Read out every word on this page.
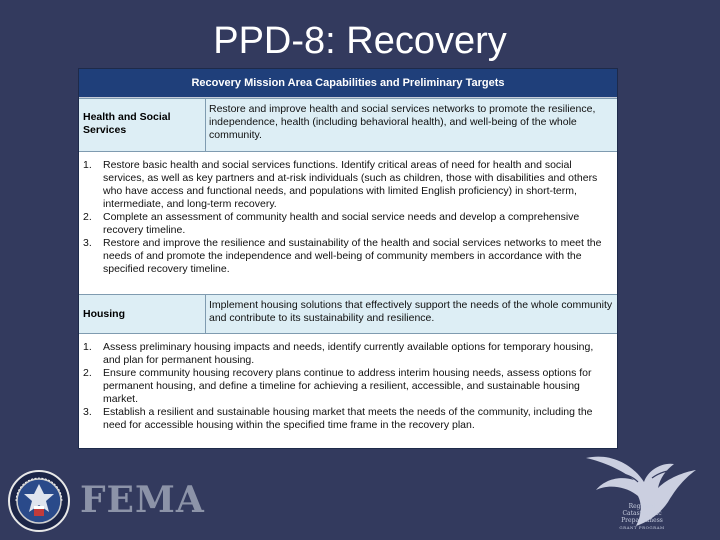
PPD-8: Recovery
Recovery Mission Area Capabilities and Preliminary Targets
Health and Social Services
Restore and improve health and social services networks to promote the resilience, independence, health (including behavioral health), and well-being of the whole community.
1. Restore basic health and social services functions. Identify critical areas of need for health and social services, as well as key partners and at-risk individuals (such as children, those with disabilities and others who have access and functional needs, and populations with limited English proficiency) in short-term, intermediate, and long-term recovery.
2. Complete an assessment of community health and social service needs and develop a comprehensive recovery timeline.
3. Restore and improve the resilience and sustainability of the health and social services networks to meet the needs of and promote the independence and well-being of community members in accordance with the specified recovery timeline.
Housing
Implement housing solutions that effectively support the needs of the whole community and contribute to its sustainability and resilience.
1. Assess preliminary housing impacts and needs, identify currently available options for temporary housing, and plan for permanent housing.
2. Ensure community housing recovery plans continue to address interim housing needs, assess options for permanent housing, and define a timeline for achieving a resilient, accessible, and sustainable housing market.
3. Establish a resilient and sustainable housing market that meets the needs of the community, including the need for accessible housing within the specified time frame in the recovery plan.
FEMA	Regional
Catastrophic
Preparedness
GRANT PROGRAM
